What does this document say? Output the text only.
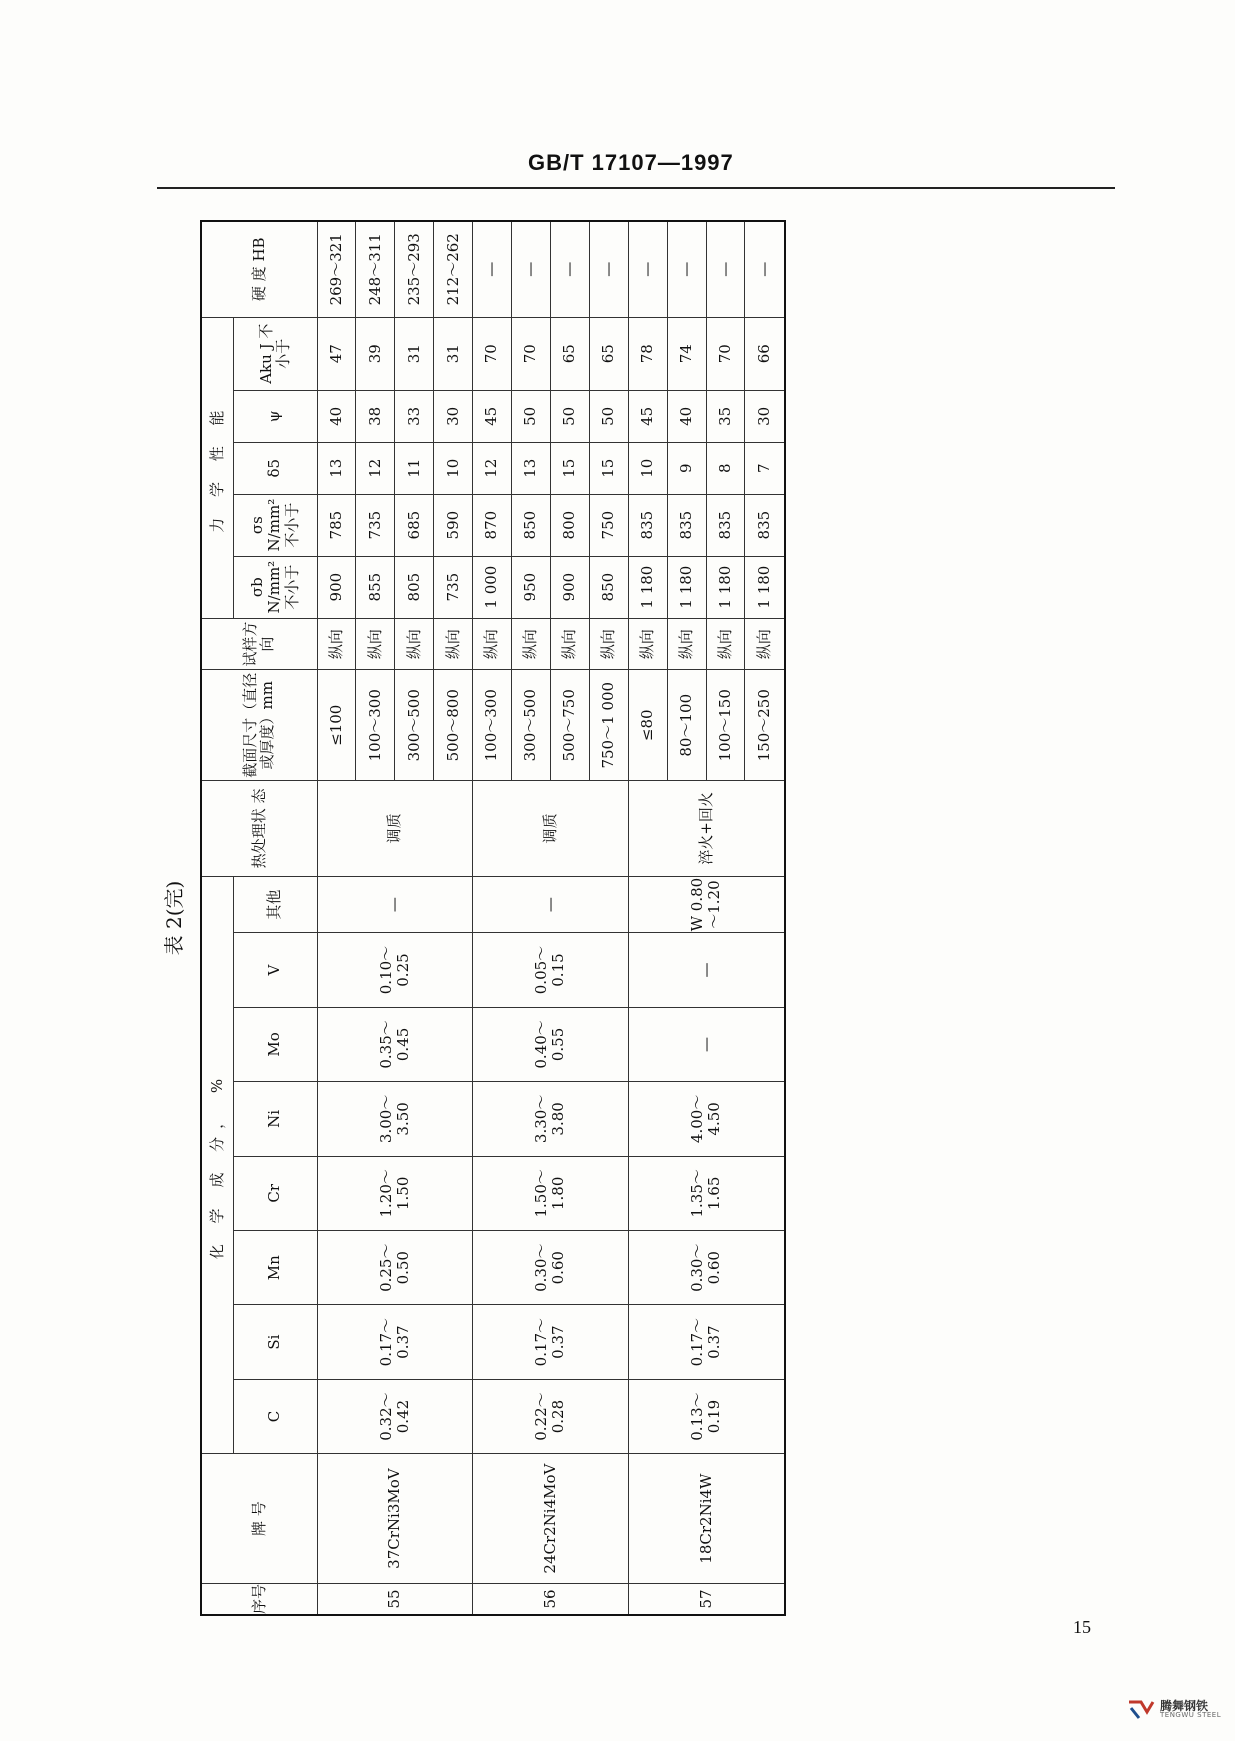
GB/T 17107—1997
表 2(完)
序号	牌 号	化 学 成 分， %								热处理状 态	截面尺寸（直径或厚度）mm	试样方向	力 学 性 能					硬 度 HB
		C	Si	Mn	Cr	Ni	Mo	V	其他				σb N/mm² 不小于	σs N/mm² 不小于	δ5	ψ	Aku J 不小于	
55	37CrNi3MoV	0.32～0.42	0.17～0.37	0.25～0.50	1.20～1.50	3.00～3.50	0.35～0.45	0.10～0.25	—	调质	≤100	纵向	900	785	13	40	47	269～321
											100～300	纵向	855	735	12	38	39	248～311
											300～500	纵向	805	685	11	33	31	235～293
											500～800	纵向	735	590	10	30	31	212～262
56	24Cr2Ni4MoV	0.22～0.28	0.17～0.37	0.30～0.60	1.50～1.80	3.30～3.80	0.40～0.55	0.05～0.15	—	调质	100～300	纵向	1 000	870	12	45	70	—
											300～500	纵向	950	850	13	50	70	—
											500～750	纵向	900	800	15	50	65	—
											750～1 000	纵向	850	750	15	50	65	—
57	18Cr2Ni4W	0.13～0.19	0.17～0.37	0.30～0.60	1.35～1.65	4.00～4.50	—	—	W 0.80～1.20	淬火+回火	≤80	纵向	1 180	835	10	45	78	—
											80～100	纵向	1 180	835	9	40	74	—
											100～150	纵向	1 180	835	8	35	70	—
											150～250	纵向	1 180	835	7	30	66	—
15
腾舞钢铁
TENGWU STEEL
